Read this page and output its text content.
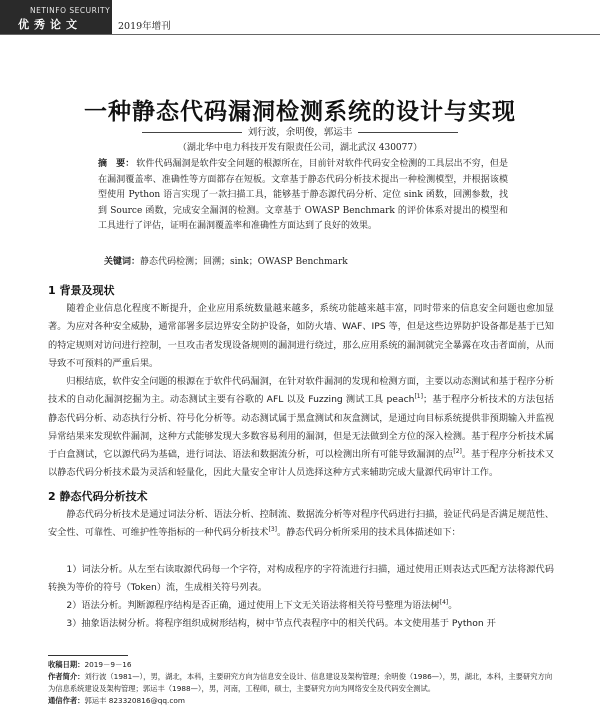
NETINFO SECURITY
优秀论文	2019年增刊
一种静态代码漏洞检测系统的设计与实现
刘行波，余明俊，郭运丰
（湖北华中电力科技开发有限责任公司，湖北武汉 430077）
摘　要： 软件代码漏洞是软件安全问题的根源所在，目前针对软件代码安全检测的工具层出不穷，但是在漏洞覆盖率、准确性等方面都存在短板。文章基于静态代码分析技术提出一种检测模型，并根据该模型使用 Python 语言实现了一款扫描工具，能够基于静态源代码分析、定位 sink 函数，回溯参数，找到 Source 函数，完成安全漏洞的检测。文章基于 OWASP Benchmark 的评价体系对提出的模型和工具进行了评估，证明在漏洞覆盖率和准确性方面达到了良好的效果。
关键词：静态代码检测；回溯；sink；OWASP Benchmark
1 背景及现状

随着企业信息化程度不断提升，企业应用系统数量越来越多，系统功能越来越丰富，同时带来的信息安全问题也愈加显著。为应对各种安全威胁，通常部署多层边界安全防护设备，如防火墙、WAF、IPS 等，但是这些边界防护设备都是基于已知的特定规则对访问进行控制，一旦攻击者发现设备规则的漏洞进行绕过，那么应用系统的漏洞就完全暴露在攻击者面前，从而导致不可预料的严重后果。

归根结底，软件安全问题的根源在于软件代码漏洞，在针对软件漏洞的发现和检测方面，主要以动态测试和基于程序分析技术的自动化漏洞挖掘为主。动态测试主要有谷歌的 AFL 以及 Fuzzing 测试工具 peach[1]；基于程序分析技术的方法包括静态代码分析、动态执行分析、符号化分析等。动态测试属于黑盒测试和灰盒测试，是通过向目标系统提供非预期输入并监视异常结果来发现软件漏洞，这种方式能够发现大多数容易利用的漏洞，但是无法做到全方位的深入检测。基于程序分析技术属于白盒测试，它以源代码为基础，进行词法、语法和数据流分析，可以检测出所有可能导致漏洞的点[2]。基于程序分析技术又以静态代码分析技术最为灵活和轻量化，因此大量安全审计人员选择这种方式来辅助完成大量源代码审计工作。

2 静态代码分析技术

静态代码分析技术是通过词法分析、语法分析、控制流、数据流分析等对程序代码进行扫描，验证代码是否满足规范性、安全性、可靠性、可维护性等指标的一种代码分析技术[3]。静态代码分析所采用的技术具体描述如下：

1）词法分析。从左至右读取源代码每一个字符，对构成程序的字符流进行扫描，通过使用正则表达式匹配方法将源代码转换为等价的符号（Token）流，生成相关符号列表。

2）语法分析。判断源程序结构是否正确，通过使用上下文无关语法将相关符号整理为语法树[4]。

3）抽象语法树分析。将程序组织成树形结构，树中节点代表程序中的相关代码。本文使用基于 Python 开

收稿日期：2019－9－16
作者简介：刘行波（1981—），男，湖北，本科，主要研究方向为信息安全设计、信息建设及架构管理；余明俊（1986—），男，湖北，本科，主要研究方向为信息系统建设及架构管理；郭运丰（1988—），男，河南，工程师，硕士，主要研究方向为网络安全及代码安全测试。
通信作者：郭运丰 823320816@qq.com
